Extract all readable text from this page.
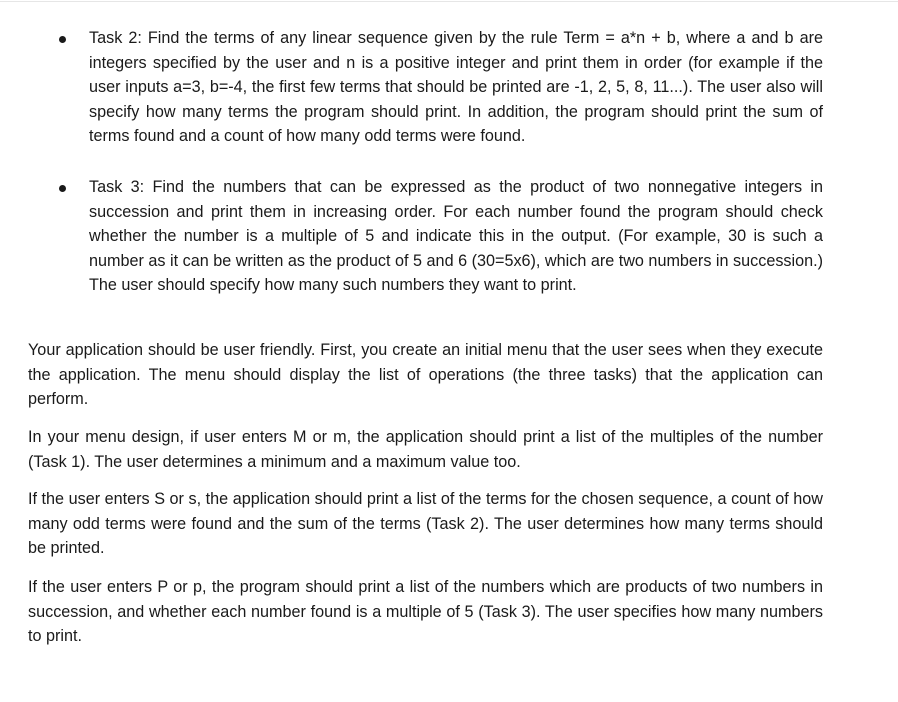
Task 2: Find the terms of any linear sequence given by the rule Term = a*n + b, where a and b are integers specified by the user and n is a positive integer and print them in order (for example if the user inputs a=3, b=-4, the first few terms that should be printed are -1, 2, 5, 8, 11...). The user also will specify how many terms the program should print. In addition, the program should print the sum of terms found and a count of how many odd terms were found.

Task 3: Find the numbers that can be expressed as the product of two nonnegative integers in succession and print them in increasing order. For each number found the program should check whether the number is a multiple of 5 and indicate this in the output. (For example, 30 is such a number as it can be written as the product of 5 and 6 (30=5x6), which are two numbers in succession.) The user should specify how many such numbers they want to print.

Your application should be user friendly. First, you create an initial menu that the user sees when they execute the application. The menu should display the list of operations (the three tasks) that the application can perform.

In your menu design, if user enters M or m, the application should print a list of the multiples of the number (Task 1). The user determines a minimum and a maximum value too.

If the user enters S or s, the application should print a list of the terms for the chosen sequence, a count of how many odd terms were found and the sum of the terms (Task 2). The user determines how many terms should be printed.

If the user enters P or p, the program should print a list of the numbers which are products of two numbers in succession, and whether each number found is a multiple of 5 (Task 3). The user specifies how many numbers to print.
